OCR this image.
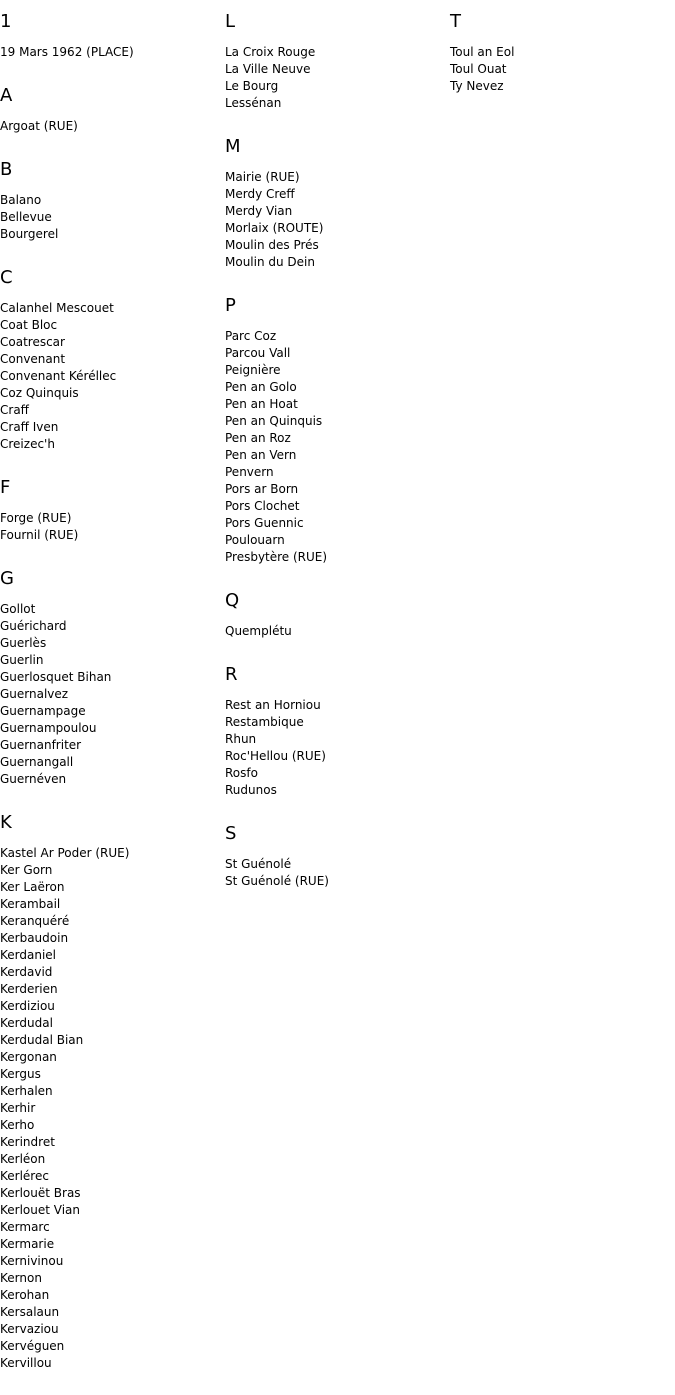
1
19 Mars 1962 (PLACE)
A
Argoat (RUE)
B
Balano
Bellevue
Bourgerel
C
Calanhel Mescouet
Coat Bloc
Coatrescar
Convenant
Convenant Kéréllec
Coz Quinquis
Craff
Craff Iven
Creizec'h
F
Forge (RUE)
Fournil (RUE)
G
Gollot
Guérichard
Guerlès
Guerlin
Guerlosquet Bihan
Guernalvez
Guernampage
Guernampoulou
Guernanfriter
Guernangall
Guernéven
K
Kastel Ar Poder (RUE)
Ker Gorn
Ker Laëron
Kerambail
Keranquéré
Kerbaudoin
Kerdaniel
Kerdavid
Kerderien
Kerdiziou
Kerdudal
Kerdudal Bian
Kergonan
Kergus
Kerhalen
Kerhir
Kerho
Kerindret
Kerléon
Kerlérec
Kerlouët Bras
Kerlouet Vian
Kermarc
Kermarie
Kernivinou
Kernon
Kerohan
Kersalaun
Kervaziou
Kervéguen
Kervillou
L
La Croix Rouge
La Ville Neuve
Le Bourg
Lessénan
M
Mairie (RUE)
Merdy Creff
Merdy Vian
Morlaix (ROUTE)
Moulin des Prés
Moulin du Dein
P
Parc Coz
Parcou Vall
Peignière
Pen an Golo
Pen an Hoat
Pen an Quinquis
Pen an Roz
Pen an Vern
Penvern
Pors ar Born
Pors Clochet
Pors Guennic
Poulouarn
Presbytère (RUE)
Q
Quemplétu
R
Rest an Horniou
Restambique
Rhun
Roc'Hellou (RUE)
Rosfo
Rudunos
S
St Guénolé
St Guénolé (RUE)
T
Toul an Eol
Toul Ouat
Ty Nevez
